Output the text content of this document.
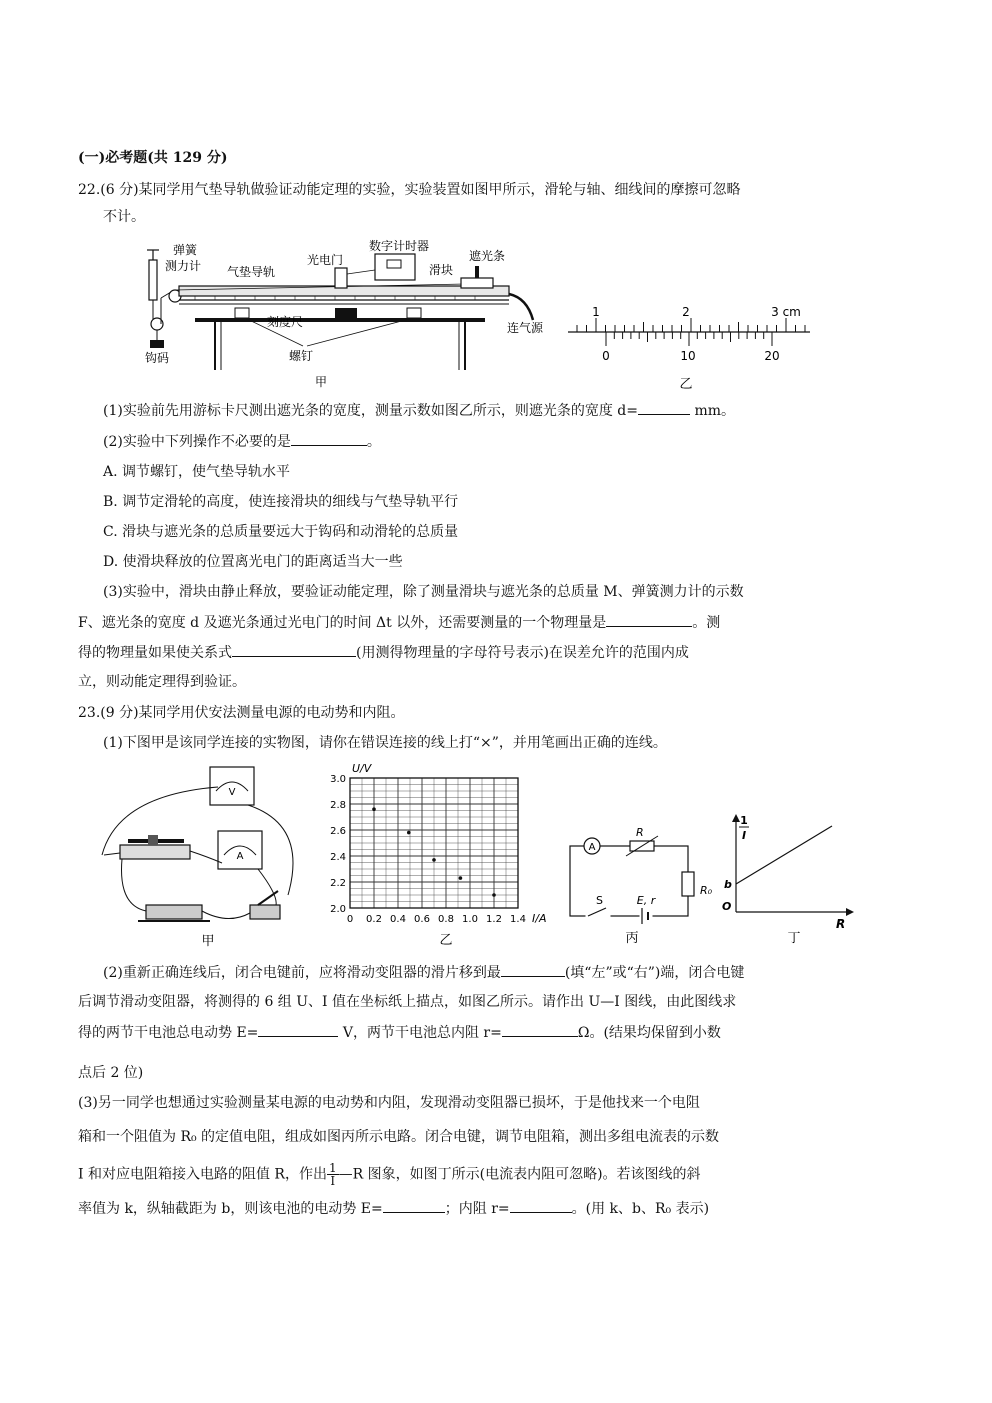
(一)必考题(共 129 分)
22.(6 分)某同学用气垫导轨做验证动能定理的实验，实验装置如图甲所示，滑轮与轴、细线间的摩擦可忽略
不计。
弹簧
测力计 气垫导轨
光电门
数字计时器
滑块
遮光条
刻度尺	连气源
螺钉
钩码
甲
1	2	3 cm
0	10	20
乙
(1)实验前先用游标卡尺测出遮光条的宽度，测量示数如图乙所示，则遮光条的宽度 d=	mm。
(2)实验中下列操作不必要的是	。
A. 调节螺钉，使气垫导轨水平
B. 调节定滑轮的高度，使连接滑块的细线与气垫导轨平行
C. 滑块与遮光条的总质量要远大于钩码和动滑轮的总质量
D. 使滑块释放的位置离光电门的距离适当大一些
(3)实验中，滑块由静止释放，要验证动能定理，除了测量滑块与遮光条的总质量 M、弹簧测力计的示数
F、遮光条的宽度 d 及遮光条通过光电门的时间 Δt 以外，还需要测量的一个物理量是	。测
得的物理量如果使关系式	(用测得物理量的字母符号表示)在误差允许的范围内成
立，则动能定理得到验证。
23.(9 分)某同学用伏安法测量电源的电动势和内阻。
(1)下图甲是该同学连接的实物图，请你在错误连接的线上打“×”，并用笔画出正确的连线。
V
A
甲
0 0.2 0.4 0.6 0.8 1.0 1.2 1.4
2.0
2.2
2.4
2.6
2.8
3.0
U/V
I/A
乙
A
R
R₀
S	E, r
丙
1
I
b
O
R
丁
(2)重新正确连线后，闭合电键前，应将滑动变阻器的滑片移到最	(填“左”或“右”)端，闭合电键
后调节滑动变阻器，将测得的 6 组 U、I 值在坐标纸上描点，如图乙所示。请作出 U—I 图线，由此图线求
得的两节干电池总电动势 E=	V，两节干电池总内阻 r=	Ω。(结果均保留到小数
点后 2 位)
(3)另一同学也想通过实验测量某电源的电动势和内阻，发现滑动变阻器已损坏，于是他找来一个电阻
箱和一个阻值为 R₀ 的定值电阻，组成如图丙所示电路。闭合电键，调节电阻箱，测出多组电流表的示数
I 和对应电阻箱接入电路的阻值 R，作出 $\frac{1}{I}$ —R 图象，如图丁所示(电流表内阻可忽略)。若该图线的斜
率值为 k，纵轴截距为 b，则该电池的电动势 E=	；内阻 r=	。(用 k、b、R₀ 表示)
